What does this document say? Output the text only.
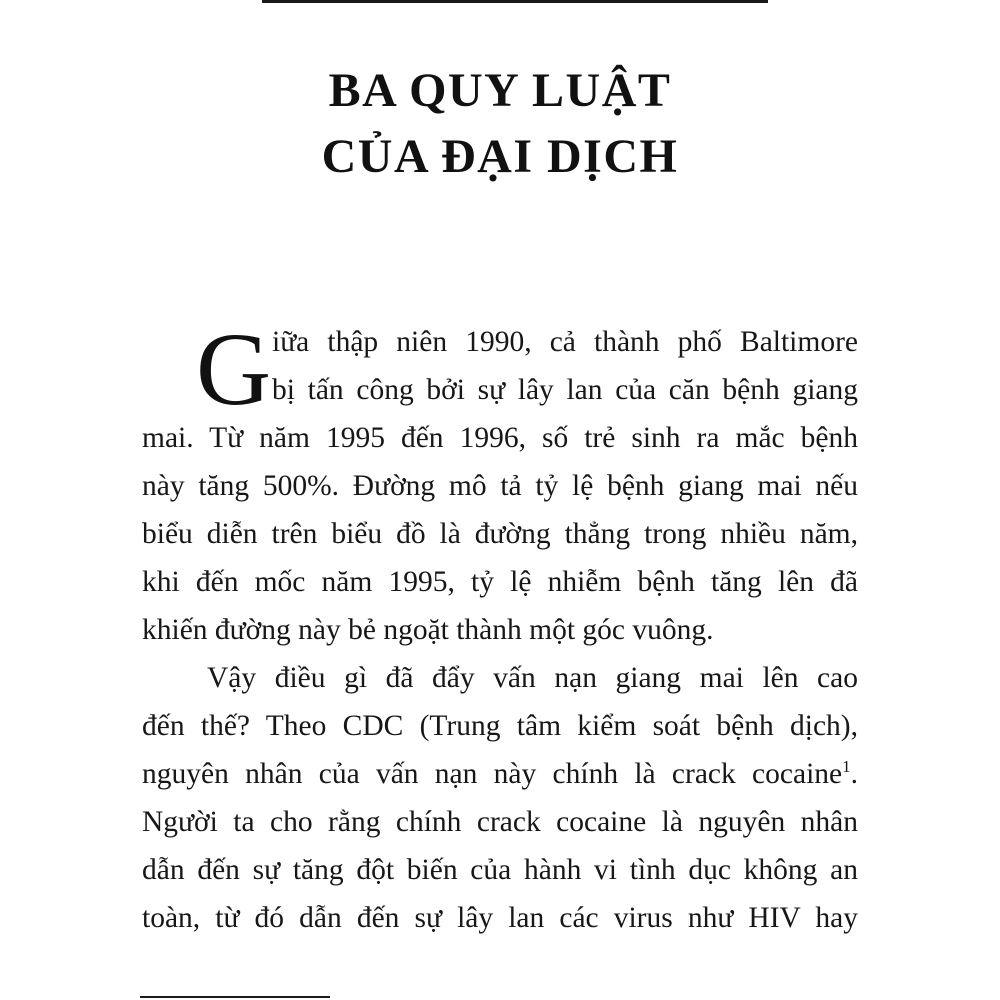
BA QUY LUẬT
CỦA ĐẠI DỊCH
G iữa thập niên 1990, cả thành phố Baltimore
bị tấn công bởi sự lây lan của căn bệnh giang
mai. Từ năm 1995 đến 1996, số trẻ sinh ra mắc bệnh
này tăng 500%. Đường mô tả tỷ lệ bệnh giang mai nếu
biểu diễn trên biểu đồ là đường thẳng trong nhiều năm,
khi đến mốc năm 1995, tỷ lệ nhiễm bệnh tăng lên đã
khiến đường này bẻ ngoặt thành một góc vuông.
Vậy điều gì đã đẩy vấn nạn giang mai lên cao
đến thế? Theo CDC (Trung tâm kiểm soát bệnh dịch),
nguyên nhân của vấn nạn này chính là crack cocaine$^1$.
Người ta cho rằng chính crack cocaine là nguyên nhân
dẫn đến sự tăng đột biến của hành vi tình dục không an
toàn, từ đó dẫn đến sự lây lan các virus như HIV hay
